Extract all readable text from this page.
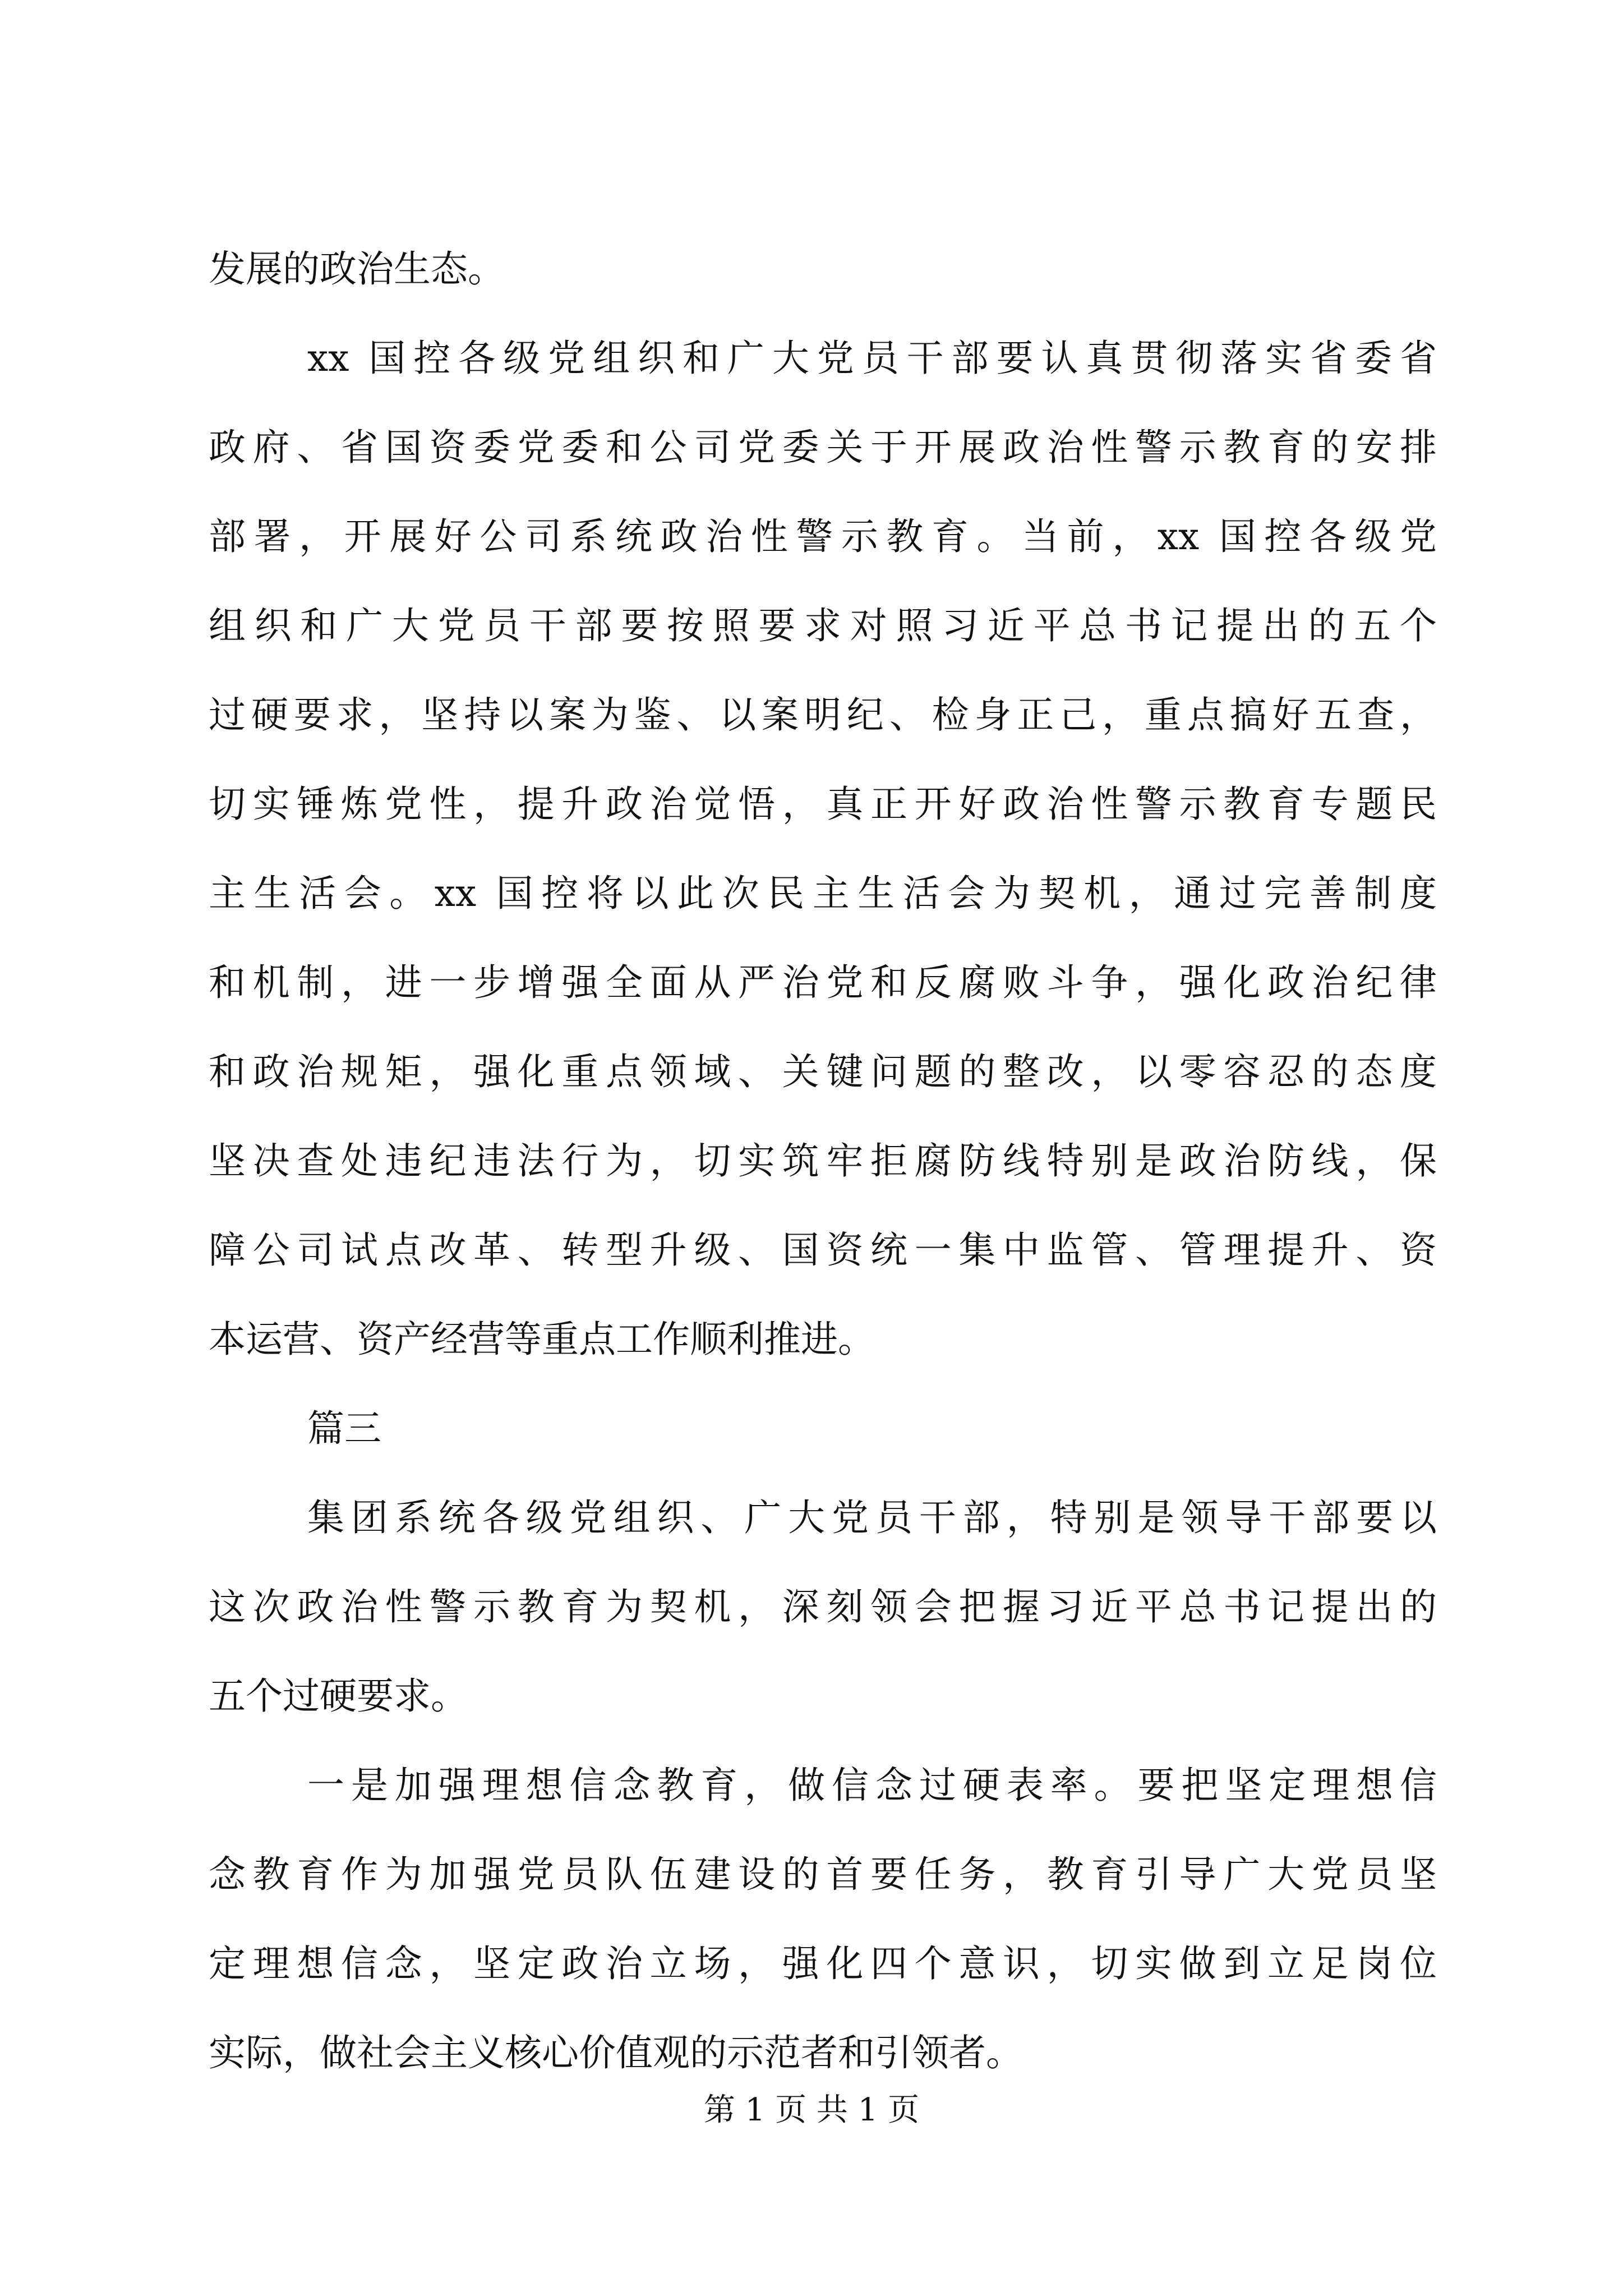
发展的政治生态。
xx 国控各级党组织和广大党员干部要认真贯彻落实省委省
政府、省国资委党委和公司党委关于开展政治性警示教育的安排
部署，开展好公司系统政治性警示教育。当前，xx 国控各级党
组织和广大党员干部要按照要求对照习近平总书记提出的五个
过硬要求，坚持以案为鉴、以案明纪、检身正己，重点搞好五查，
切实锤炼党性，提升政治觉悟，真正开好政治性警示教育专题民
主生活会。xx 国控将以此次民主生活会为契机，通过完善制度
和机制，进一步增强全面从严治党和反腐败斗争，强化政治纪律
和政治规矩，强化重点领域、关键问题的整改，以零容忍的态度
坚决查处违纪违法行为，切实筑牢拒腐防线特别是政治防线，保
障公司试点改革、转型升级、国资统一集中监管、管理提升、资
本运营、资产经营等重点工作顺利推进。
篇三
集团系统各级党组织、广大党员干部，特别是领导干部要以
这次政治性警示教育为契机，深刻领会把握习近平总书记提出的
五个过硬要求。
一是加强理想信念教育，做信念过硬表率。要把坚定理想信
念教育作为加强党员队伍建设的首要任务，教育引导广大党员坚
定理想信念，坚定政治立场，强化四个意识，切实做到立足岗位
实际，做社会主义核心价值观的示范者和引领者。
第 1 页 共 1 页
